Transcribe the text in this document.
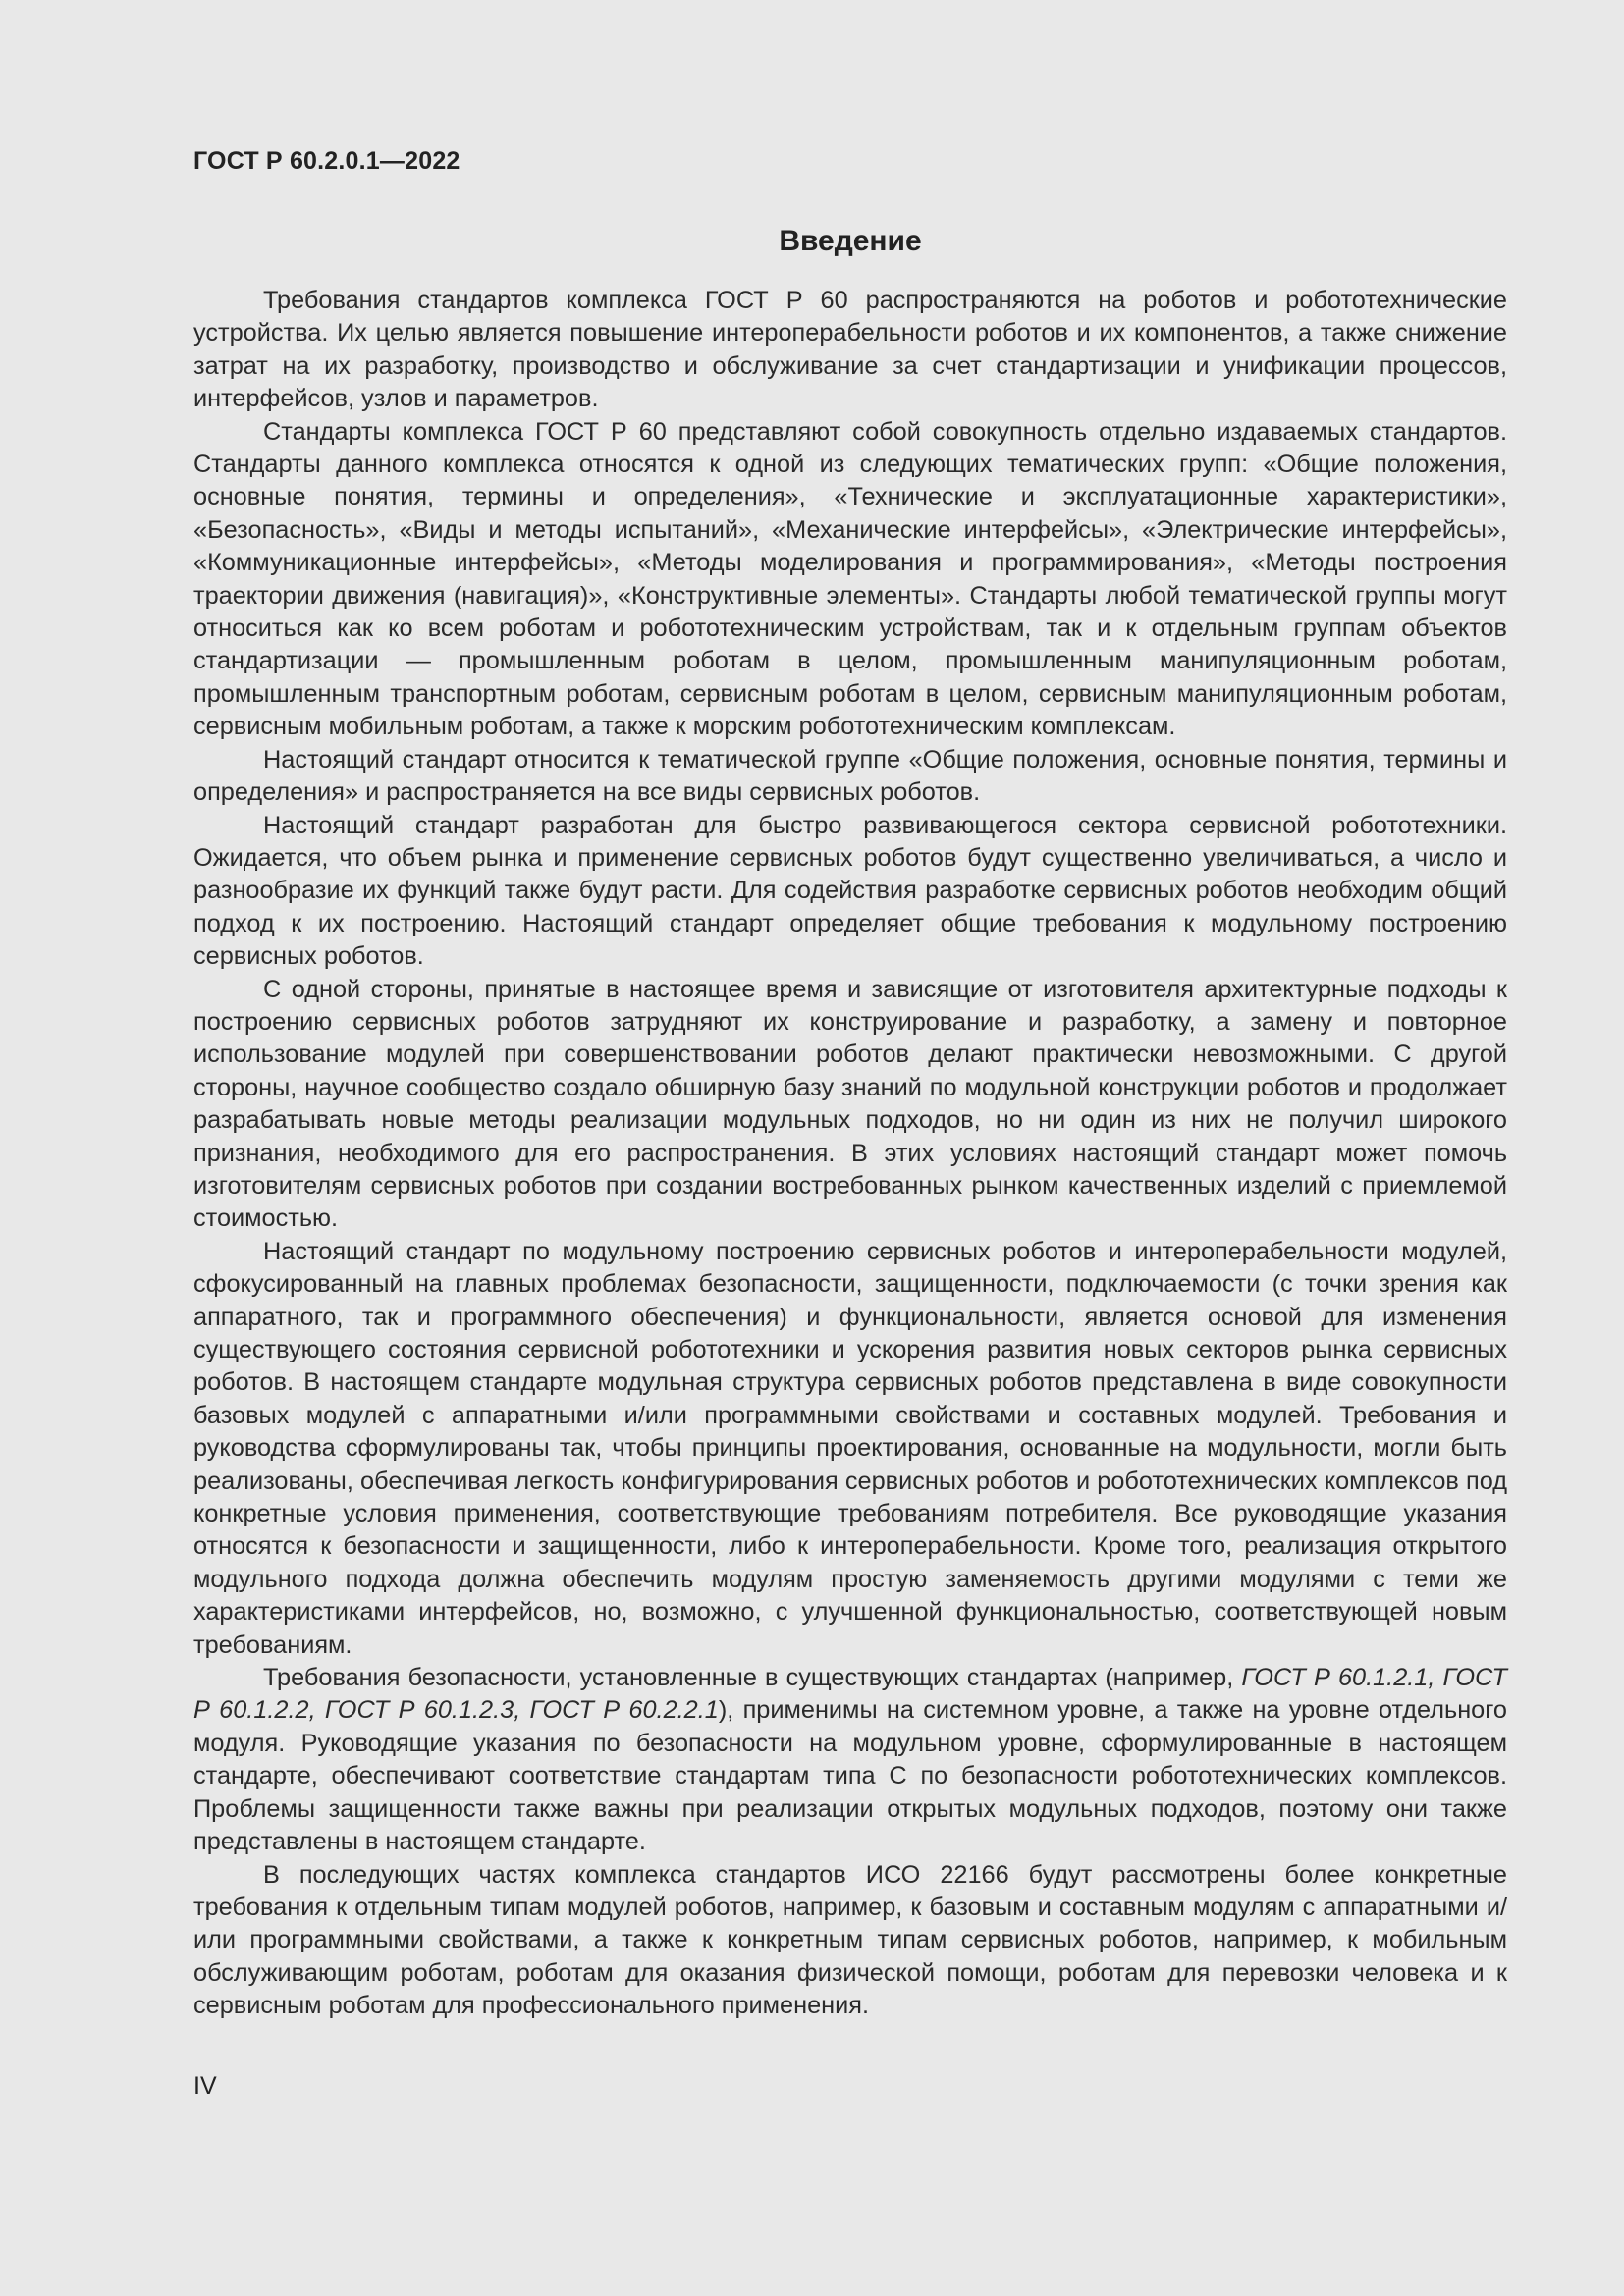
ГОСТ Р 60.2.0.1—2022
Введение

Требования стандартов комплекса ГОСТ Р 60 распространяются на роботов и робототехнические устройства. Их целью является повышение интероперабельности роботов и их компонентов, а также снижение затрат на их разработку, производство и обслуживание за счет стандартизации и унификации процессов, интерфейсов, узлов и параметров.

Стандарты комплекса ГОСТ Р 60 представляют собой совокупность отдельно издаваемых стандартов. Стандарты данного комплекса относятся к одной из следующих тематических групп: «Общие положения, основные понятия, термины и определения», «Технические и эксплуатационные характеристики», «Безопасность», «Виды и методы испытаний», «Механические интерфейсы», «Электрические интерфейсы», «Коммуникационные интерфейсы», «Методы моделирования и программирования», «Методы построения траектории движения (навигация)», «Конструктивные элементы». Стандарты любой тематической группы могут относиться как ко всем роботам и робототехническим устройствам, так и к отдельным группам объектов стандартизации — промышленным роботам в целом, промышленным манипуляционным роботам, промышленным транспортным роботам, сервисным роботам в целом, сервисным манипуляционным роботам, сервисным мобильным роботам, а также к морским робототехническим комплексам.

Настоящий стандарт относится к тематической группе «Общие положения, основные понятия, термины и определения» и распространяется на все виды сервисных роботов.

Настоящий стандарт разработан для быстро развивающегося сектора сервисной робототехники. Ожидается, что объем рынка и применение сервисных роботов будут существенно увеличиваться, а число и разнообразие их функций также будут расти. Для содействия разработке сервисных роботов необходим общий подход к их построению. Настоящий стандарт определяет общие требования к модульному построению сервисных роботов.

С одной стороны, принятые в настоящее время и зависящие от изготовителя архитектурные подходы к построению сервисных роботов затрудняют их конструирование и разработку, а замену и повторное использование модулей при совершенствовании роботов делают практически невозможными. С другой стороны, научное сообщество создало обширную базу знаний по модульной конструкции роботов и продолжает разрабатывать новые методы реализации модульных подходов, но ни один из них не получил широкого признания, необходимого для его распространения. В этих условиях настоящий стандарт может помочь изготовителям сервисных роботов при создании востребованных рынком качественных изделий с приемлемой стоимостью.

Настоящий стандарт по модульному построению сервисных роботов и интероперабельности модулей, сфокусированный на главных проблемах безопасности, защищенности, подключаемости (с точки зрения как аппаратного, так и программного обеспечения) и функциональности, является основой для изменения существующего состояния сервисной робототехники и ускорения развития новых секторов рынка сервисных роботов. В настоящем стандарте модульная структура сервисных роботов представлена в виде совокупности базовых модулей с аппаратными и/или программными свойствами и составных модулей. Требования и руководства сформулированы так, чтобы принципы проектирования, основанные на модульности, могли быть реализованы, обеспечивая легкость конфигурирования сервисных роботов и робототехнических комплексов под конкретные условия применения, соответствующие требованиям потребителя. Все руководящие указания относятся к безопасности и защищенности, либо к интероперабельности. Кроме того, реализация открытого модульного подхода должна обеспечить модулям простую заменяемость другими модулями с теми же характеристиками интерфейсов, но, возможно, с улучшенной функциональностью, соответствующей новым требованиям.

Требования безопасности, установленные в существующих стандартах (например, ГОСТ Р 60.1.2.1, ГОСТ Р 60.1.2.2, ГОСТ Р 60.1.2.3, ГОСТ Р 60.2.2.1), применимы на системном уровне, а также на уровне отдельного модуля. Руководящие указания по безопасности на модульном уровне, сформулированные в настоящем стандарте, обеспечивают соответствие стандартам типа С по безопасности робототехнических комплексов. Проблемы защищенности также важны при реализации открытых модульных подходов, поэтому они также представлены в настоящем стандарте.

В последующих частях комплекса стандартов ИСО 22166 будут рассмотрены более конкретные требования к отдельным типам модулей роботов, например, к базовым и составным модулям с аппаратными и/или программными свойствами, а также к конкретным типам сервисных роботов, например, к мобильным обслуживающим роботам, роботам для оказания физической помощи, роботам для перевозки человека и к сервисным роботам для профессионального применения.

IV
